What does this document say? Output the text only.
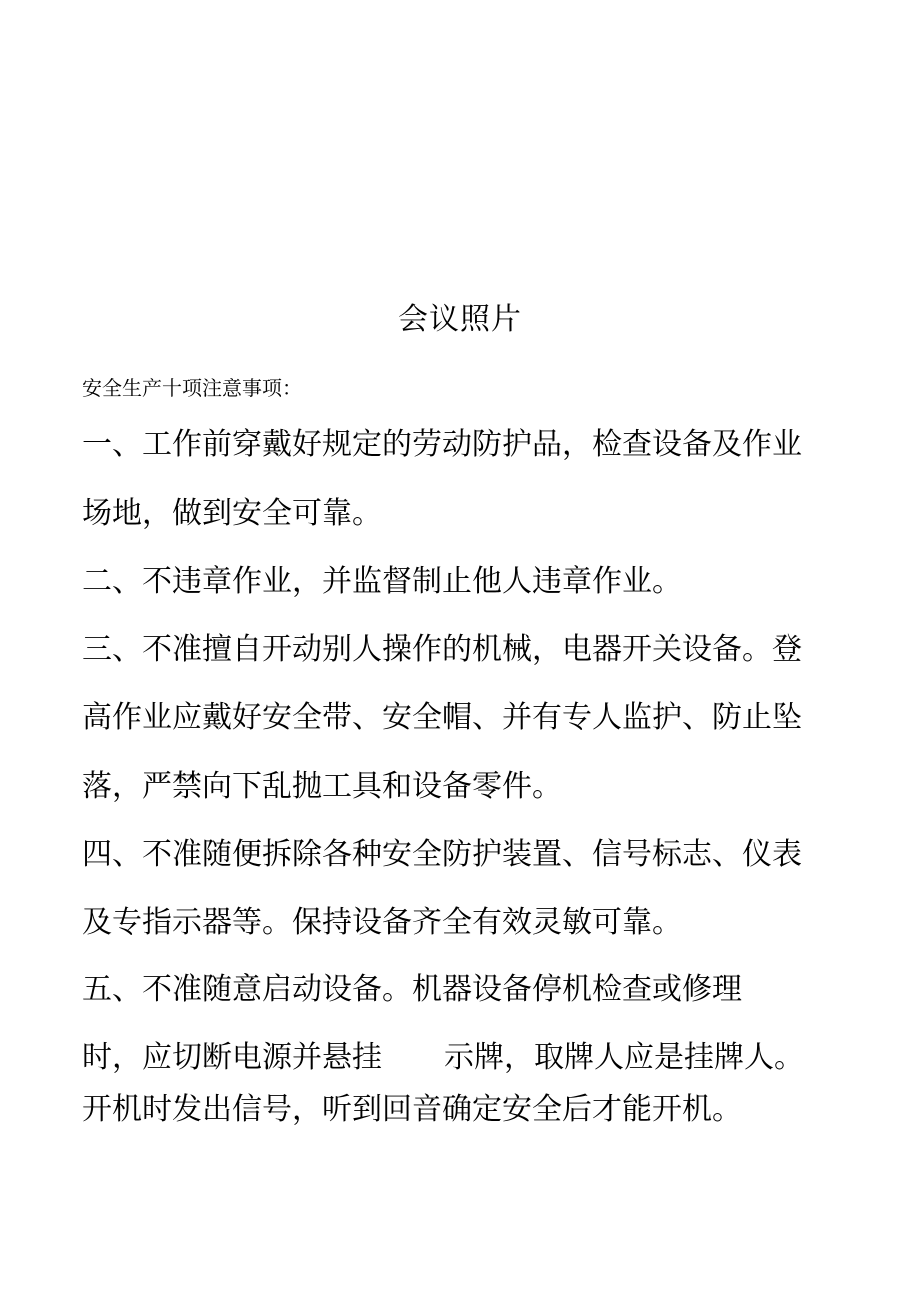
会议照片
安全生产十项注意事项：
一、工作前穿戴好规定的劳动防护品，检查设备及作业
场地，做到安全可靠。
二、不违章作业，并监督制止他人违章作业。
三、不准擅自开动别人操作的机械，电器开关设备。登
高作业应戴好安全带、安全帽、并有专人监护、防止坠
落，严禁向下乱抛工具和设备零件。
四、不准随便拆除各种安全防护装置、信号标志、仪表
及专指示器等。保持设备齐全有效灵敏可靠。
五、不准随意启动设备。机器设备停机检查或修理
时，应切断电源并悬挂 示牌，取牌人应是挂牌人。
开机时发出信号，听到回音确定安全后才能开机。
